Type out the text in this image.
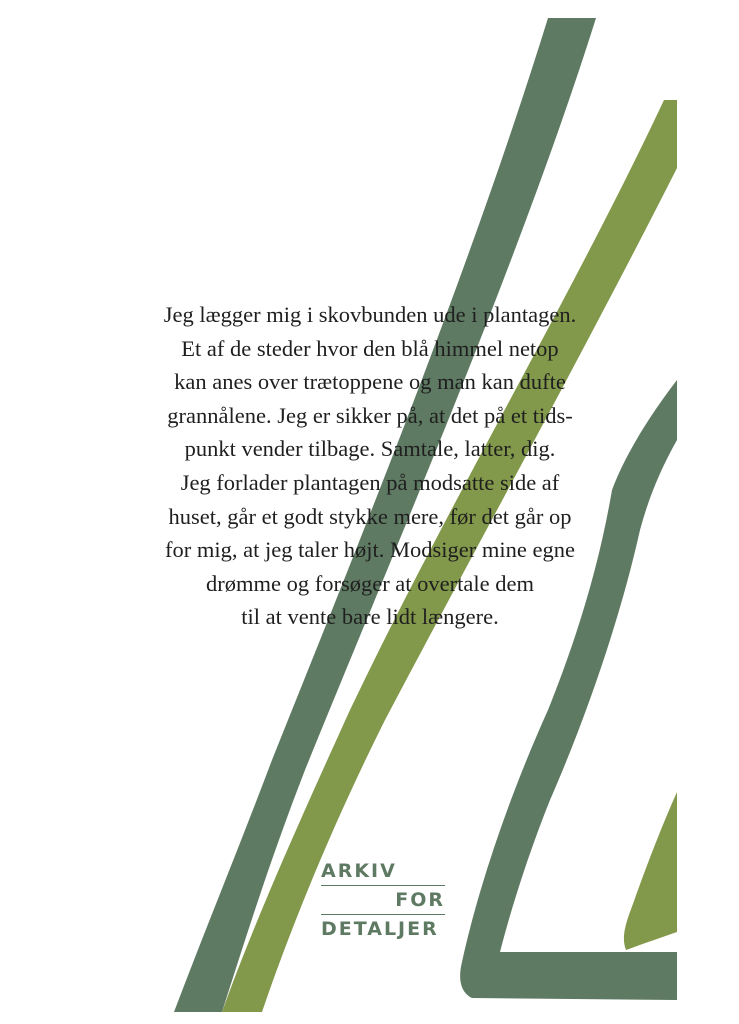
Jeg lægger mig i skovbunden ude i plantagen.
Et af de steder hvor den blå himmel netop
kan anes over trætoppene og man kan dufte
grannålene. Jeg er sikker på, at det på et tids-
punkt vender tilbage. Samtale, latter, dig.
Jeg forlader plantagen på modsatte side af
huset, går et godt stykke mere, før det går op
for mig, at jeg taler højt. Modsiger mine egne
drømme og forsøger at overtale dem
til at vente bare lidt længere.
ARKIV
FOR
DETALJER
